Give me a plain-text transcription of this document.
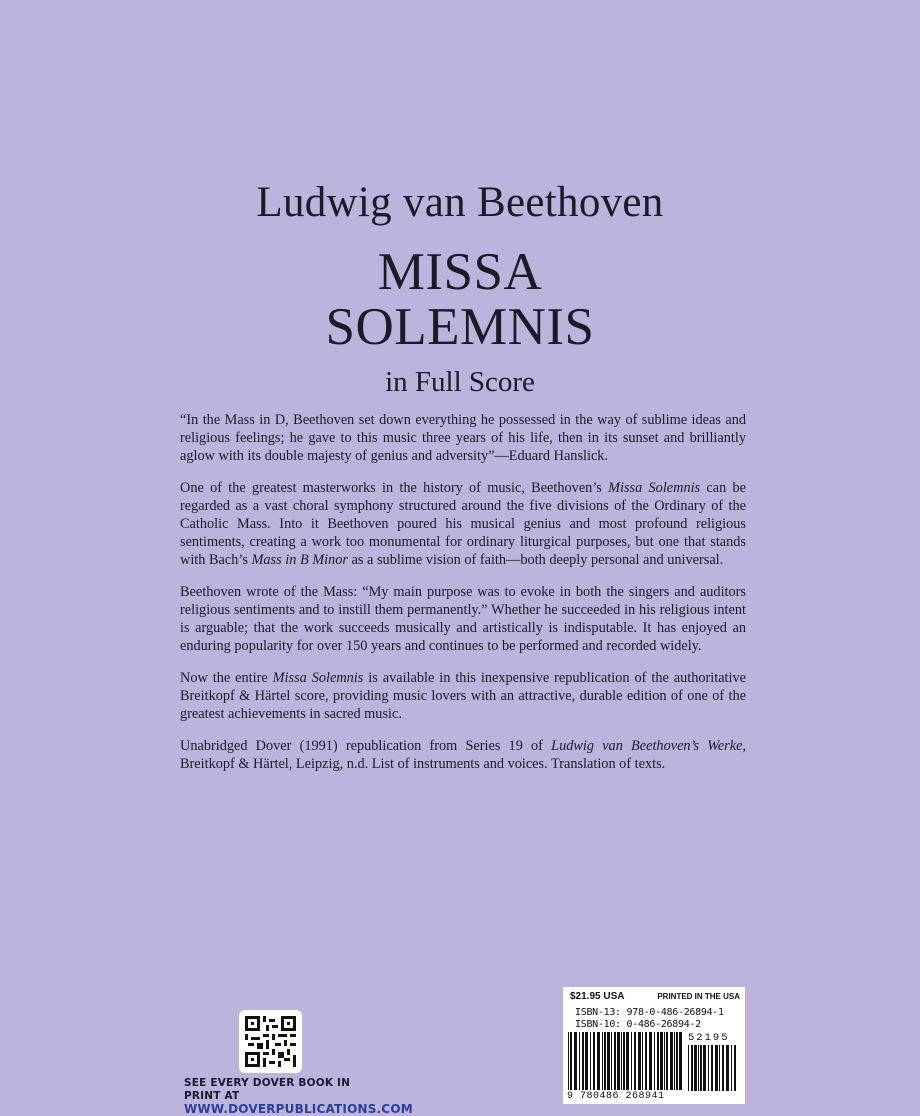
Ludwig van Beethoven
MISSA
SOLEMNIS
in Full Score

“In the Mass in D, Beethoven set down everything he possessed in the way of sublime ideas and religious feelings; he gave to this music three years of his life, then in its sunset and brilliantly aglow with its double majesty of genius and adversity”—Eduard Hanslick.

One of the greatest masterworks in the history of music, Beethoven’s Missa Solemnis can be regarded as a vast choral symphony structured around the five divisions of the Ordinary of the Catholic Mass. Into it Beethoven poured his musical genius and most profound religious sentiments, creating a work too monumental for ordinary liturgical purposes, but one that stands with Bach’s Mass in B Minor as a sublime vision of faith—both deeply personal and universal.

Beethoven wrote of the Mass: “My main purpose was to evoke in both the singers and auditors religious sentiments and to instill them permanently.” Whether he succeeded in his religious intent is arguable; that the work succeeds musically and artistically is indisputable. It has enjoyed an enduring popularity for over 150 years and continues to be performed and recorded widely.

Now the entire Missa Solemnis is available in this inexpensive republication of the authoritative Breitkopf & Härtel score, providing music lovers with an attractive, durable edition of one of the greatest achievements in sacred music.

Unabridged Dover (1991) republication from Series 19 of Ludwig van Beethoven’s Werke, Breitkopf & Härtel, Leipzig, n.d. List of instruments and voices. Translation of texts.

SEE EVERY DOVER BOOK IN PRINT AT
WWW.DOVERPUBLICATIONS.COM
$21.95 USA	PRINTED IN THE USA
ISBN-13: 978-0-486-26894-1
ISBN-10: 0-486-26894-2
52195
9 780486 268941
